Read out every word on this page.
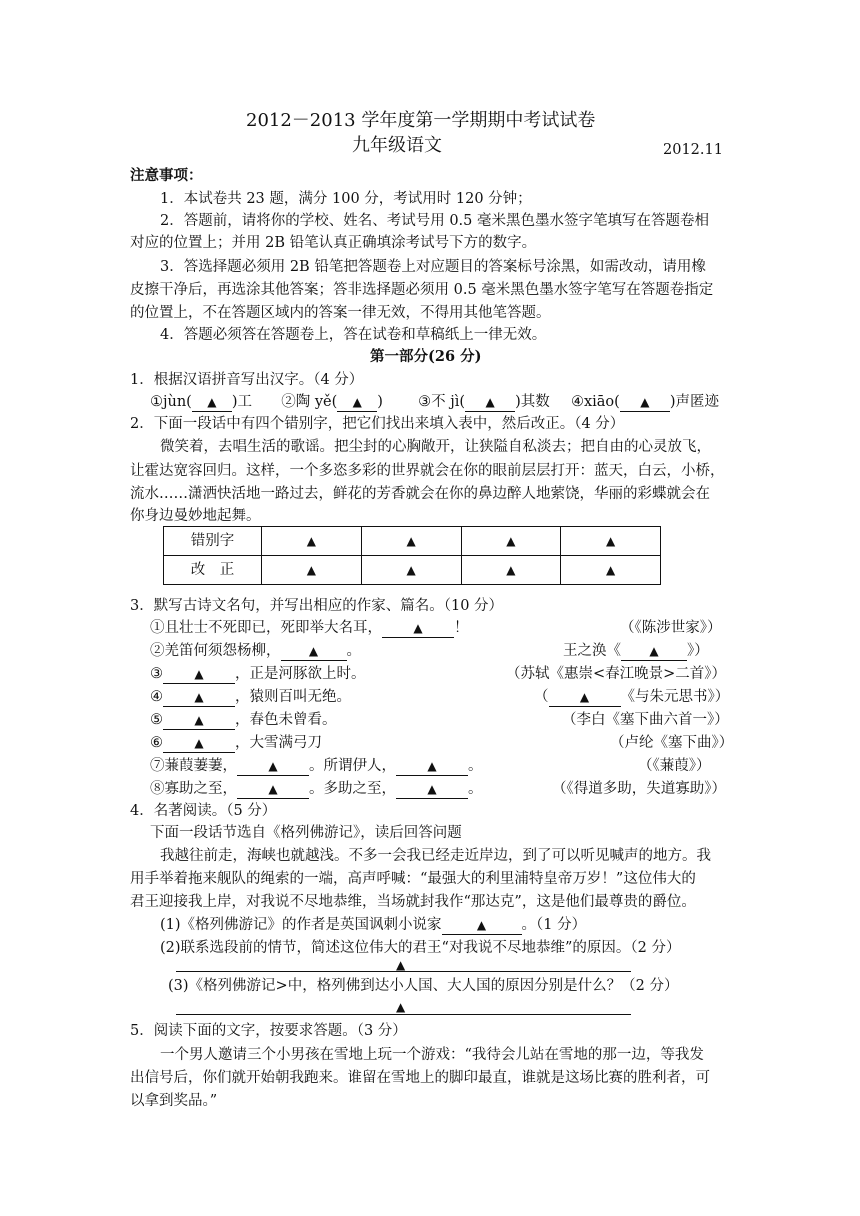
2012－2013 学年度第一学期期中考试试卷
九年级语文	2012.11
注意事项：
1．本试卷共 23 题，满分 100 分，考试用时 120 分钟；
2．答题前，请将你的学校、姓名、考试号用 0.5 毫米黑色墨水签字笔填写在答题卷相
对应的位置上；并用 2B 铅笔认真正确填涂考试号下方的数字。
3．答选择题必须用 2B 铅笔把答题卷上对应题目的答案标号涂黑，如需改动，请用橡
皮擦干净后，再选涂其他答案；答非选择题必须用 0.5 毫米黑色墨水签字笔写在答题卷指定
的位置上，不在答题区域内的答案一律无效，不得用其他笔答题。
4．答题必须答在答题卷上，答在试卷和草稿纸上一律无效。
第一部分(26 分)
1．根据汉语拼音写出汉字。（4 分）
①jùn( ▲ )工 ②陶 yě( ▲ ) ③不 jì( ▲ )其数 ④xiāo( ▲ )声匿迹
2．下面一段话中有四个错别字，把它们找出来填入表中，然后改正。（4 分）
微笑着，去唱生活的歌谣。把尘封的心胸敞开，让狭隘自私淡去；把自由的心灵放飞，
让霍达宽容回归。这样，一个多恣多彩的世界就会在你的眼前层层打开：蓝天，白云，小桥，
流水……潇洒快活地一路过去，鲜花的芳香就会在你的鼻边醉人地萦饶，华丽的彩蝶就会在
你身边曼妙地起舞。
错别字	▲	▲	▲	▲
改　正	▲	▲	▲	▲
3．默写古诗文名句，并写出相应的作家、篇名。（10 分）
①且壮士不死即已，死即举大名耳，	▲ ！	（《陈涉世家》）
②羌笛何须怨杨柳， ▲ 。	王之涣《 ▲ 》）
③	▲ ，正是河豚欲上时。	（苏轼《惠崇<春江晚景>二首》）
④	▲ ，猿则百叫无绝。	（	▲ 《与朱元思书》）
⑤	▲ ，春色未曾看。	（李白《塞下曲六首一》）
⑥	▲ ，大雪满弓刀	（卢纶《塞下曲》）
⑦蒹葭萋萋，	▲ 。所谓伊人，	▲ 。	（《蒹葭》）
⑧寡助之至，	▲ 。多助之至，	▲ 。	（《得道多助，失道寡助》）
4．名著阅读。（5 分）
下面一段话节选自《格列佛游记》，读后回答问题
我越往前走，海峡也就越浅。不多一会我已经走近岸边，到了可以听见喊声的地方。我
用手举着拖来舰队的绳索的一端，高声呼喊：“最强大的利里浦特皇帝万岁！”这位伟大的
君王迎接我上岸，对我说不尽地恭维，当场就封我作“那达克”，这是他们最尊贵的爵位。
(1)《格列佛游记》的作者是英国讽刺小说家	▲ 。（1 分）
(2)联系选段前的情节，简述这位伟大的君王“对我说不尽地恭维”的原因。（2 分）
▲
(3)《格列佛游记>中，格列佛到达小人国、大人国的原因分别是什么？（2 分）
▲
5．阅读下面的文字，按要求答题。（3 分）
一个男人邀请三个小男孩在雪地上玩一个游戏：“我待会儿站在雪地的那一边，等我发
出信号后，你们就开始朝我跑来。谁留在雪地上的脚印最直，谁就是这场比赛的胜利者，可
以拿到奖品。”
